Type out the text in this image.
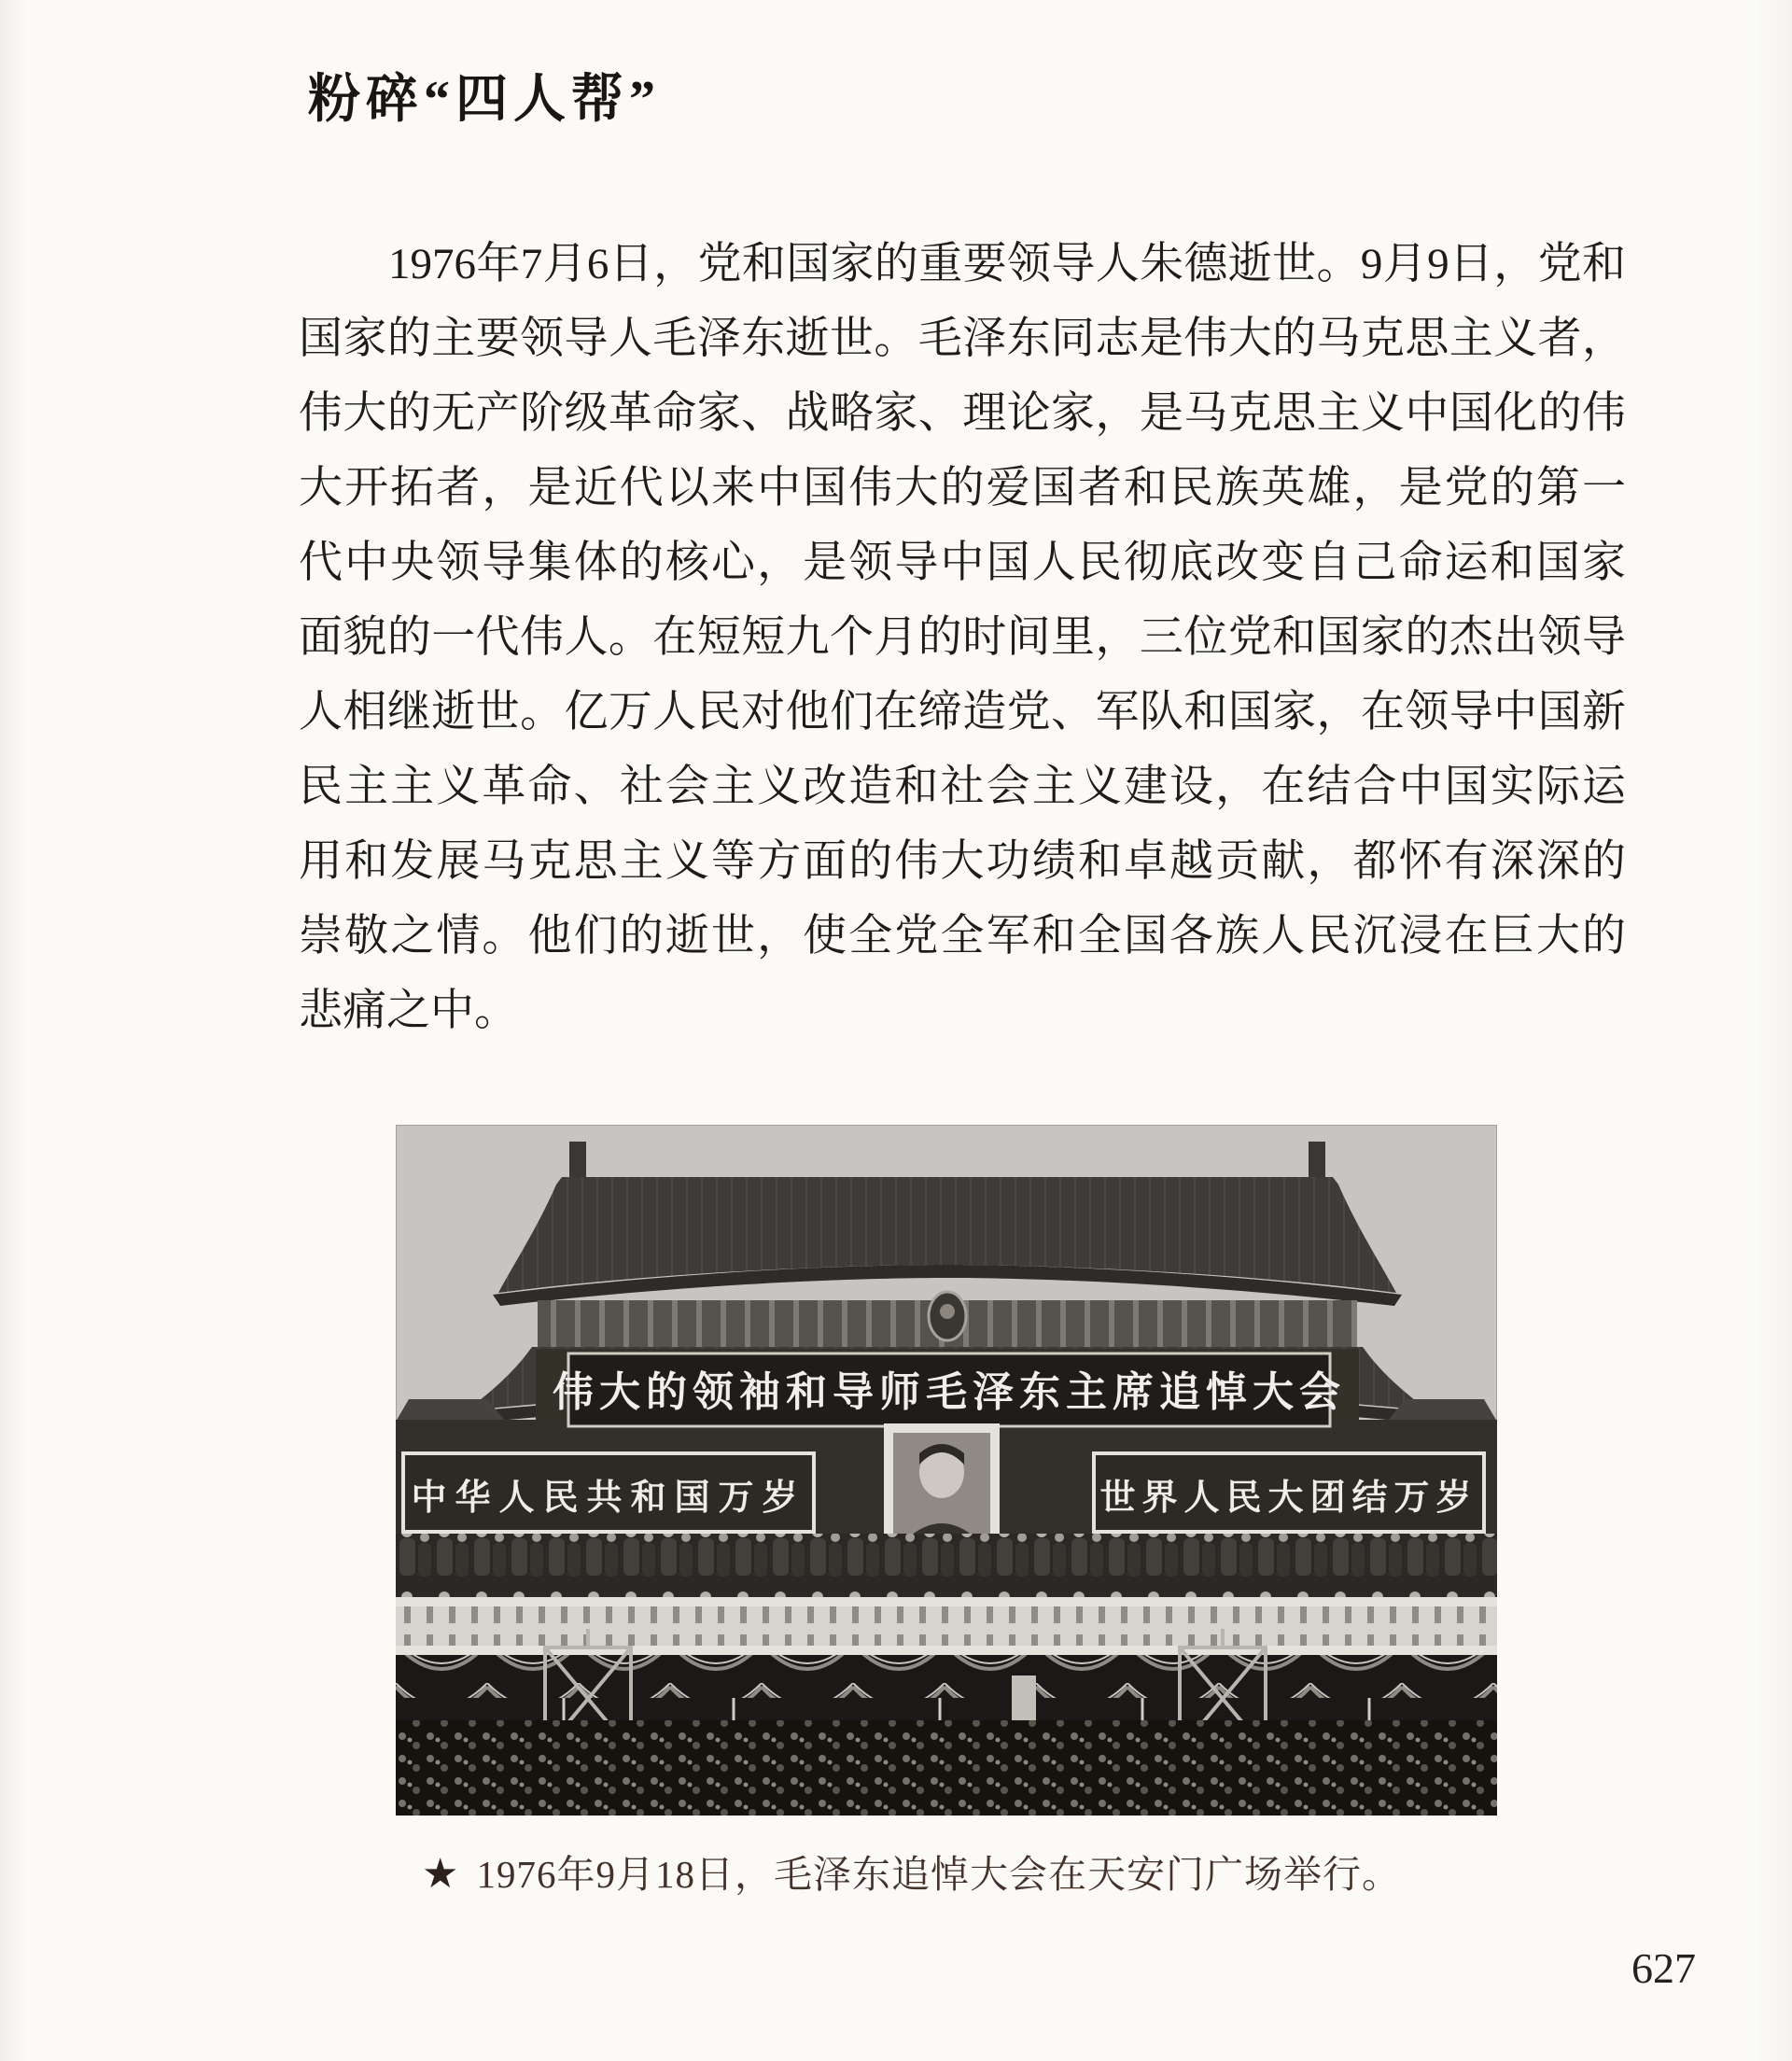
粉碎“四人帮”
1976年7月6日，党和国家的重要领导人朱德逝世。9月9日，党和
国家的主要领导人毛泽东逝世。毛泽东同志是伟大的马克思主义者，
伟大的无产阶级革命家、战略家、理论家，是马克思主义中国化的伟
大开拓者，是近代以来中国伟大的爱国者和民族英雄，是党的第一
代中央领导集体的核心，是领导中国人民彻底改变自己命运和国家
面貌的一代伟人。在短短九个月的时间里，三位党和国家的杰出领导
人相继逝世。亿万人民对他们在缔造党、军队和国家，在领导中国新
民主主义革命、社会主义改造和社会主义建设，在结合中国实际运
用和发展马克思主义等方面的伟大功绩和卓越贡献，都怀有深深的
崇敬之情。他们的逝世，使全党全军和全国各族人民沉浸在巨大的
悲痛之中。
伟大的领袖和导师毛泽东主席追悼大会
中华人民共和国万岁	世界人民大团结万岁
★ 1976年9月18日，毛泽东追悼大会在天安门广场举行。
627
